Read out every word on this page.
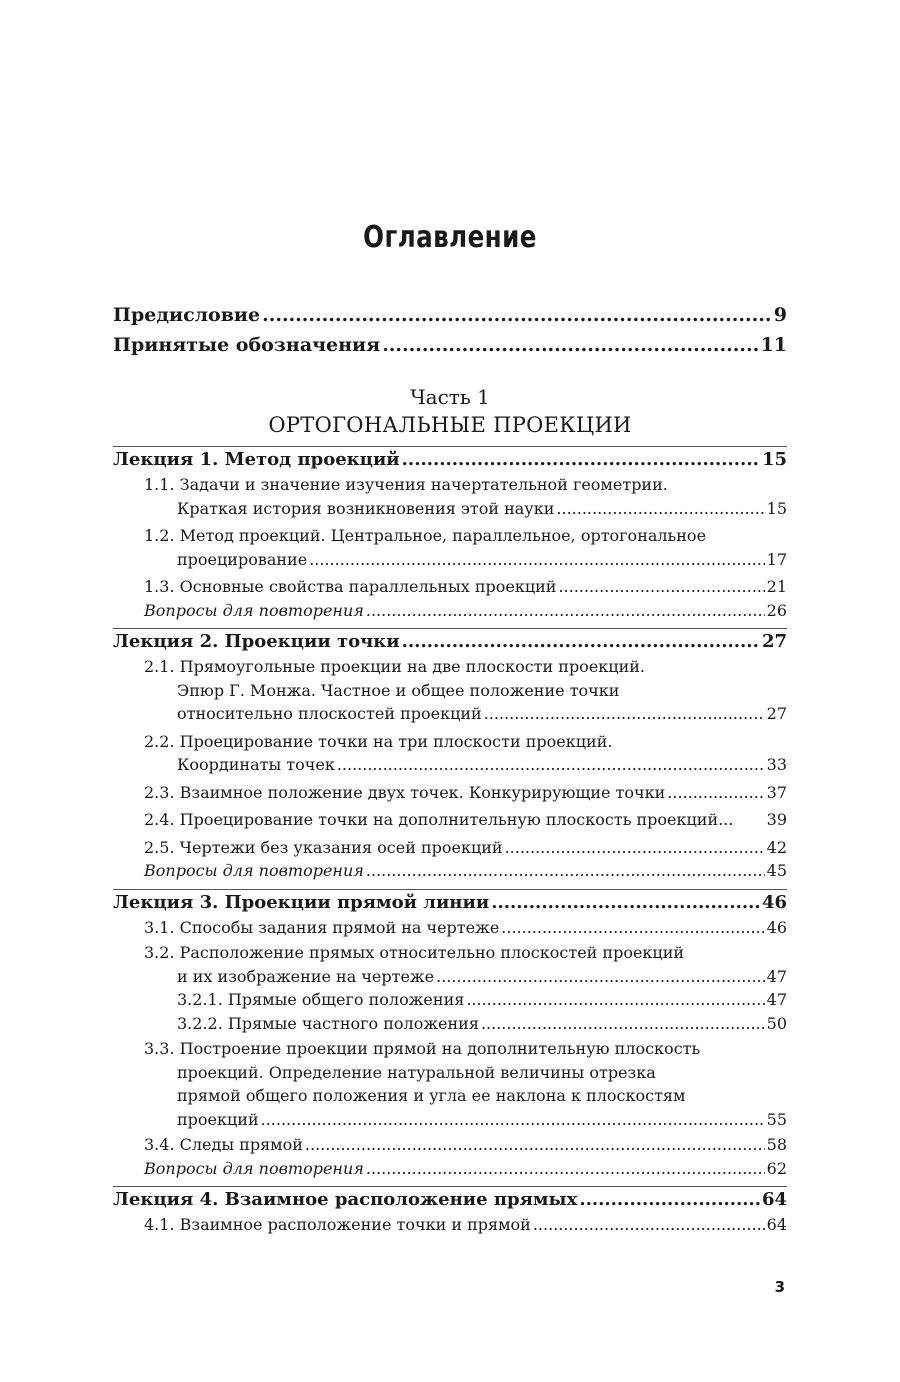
Оглавление
Предисловие .....	9
Принятые обозначения .....	11
Часть 1
ОРТОГОНАЛЬНЫЕ ПРОЕКЦИИ
Лекция 1. Метод проекций .....	15
1.1. Задачи и значение изучения начертательной геометрии.
Краткая история возникновения этой науки .....	15
1.2. Метод проекций. Центральное, параллельное, ортогональное
проецирование .....	17
1.3. Основные свойства параллельных проекций .....	21
Вопросы для повторения .....	26
Лекция 2. Проекции точки .....	27
2.1. Прямоугольные проекции на две плоскости проекций.
Эпюр Г. Монжа. Частное и общее положение точки
относительно плоскостей проекций .....	27
2.2. Проецирование точки на три плоскости проекций.
Координаты точек .....	33
2.3. Взаимное положение двух точек. Конкурирующие точки .....	37
2.4. Проецирование точки на дополнительную плоскость проекций... 39
2.5. Чертежи без указания осей проекций .....	42
Вопросы для повторения .....	45
Лекция 3. Проекции прямой линии .....	46
3.1. Способы задания прямой на чертеже .....	46
3.2. Расположение прямых относительно плоскостей проекций
и их изображение на чертеже .....	47
3.2.1. Прямые общего положения .....	47
3.2.2. Прямые частного положения .....	50
3.3. Построение проекции прямой на дополнительную плоскость
проекций. Определение натуральной величины отрезка
прямой общего положения и угла ее наклона к плоскостям
проекций .....	55
3.4. Следы прямой .....	58
Вопросы для повторения .....	62
Лекция 4. Взаимное расположение прямых .....	64
4.1. Взаимное расположение точки и прямой .....	64
3
